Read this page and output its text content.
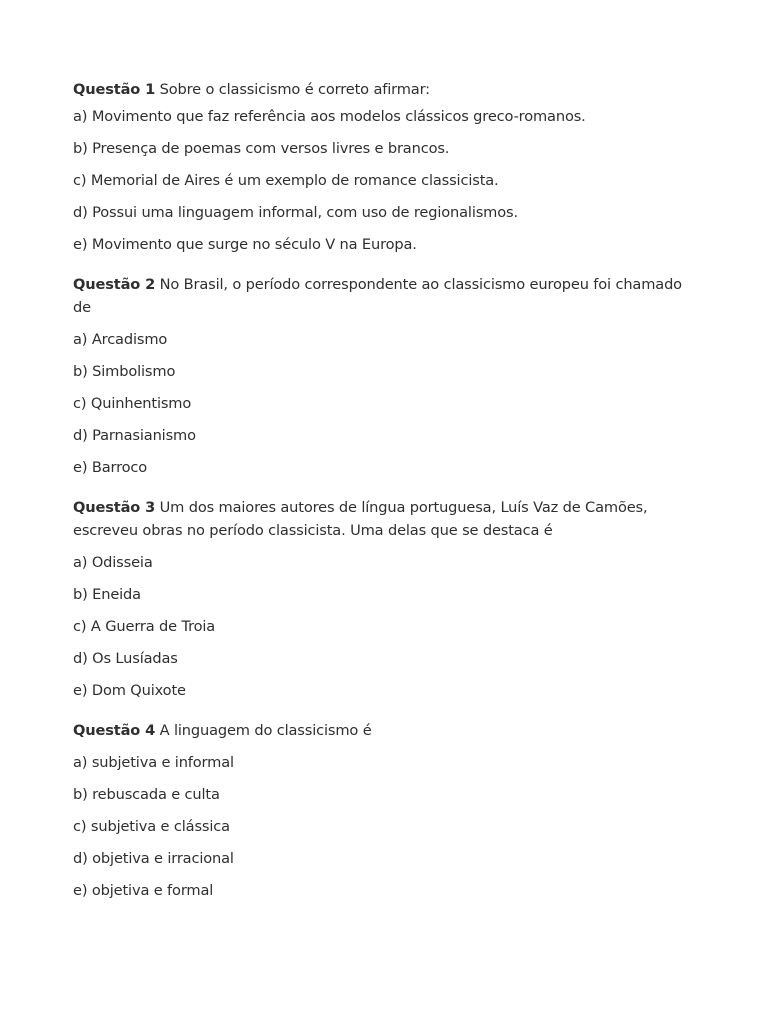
Questão 1 Sobre o classicismo é correto afirmar:

a) Movimento que faz referência aos modelos clássicos greco-romanos.

b) Presença de poemas com versos livres e brancos.

c) Memorial de Aires é um exemplo de romance classicista.

d) Possui uma linguagem informal, com uso de regionalismos.

e) Movimento que surge no século V na Europa.

Questão 2 No Brasil, o período correspondente ao classicismo europeu foi chamado de

a) Arcadismo

b) Simbolismo

c) Quinhentismo

d) Parnasianismo

e) Barroco

Questão 3 Um dos maiores autores de língua portuguesa, Luís Vaz de Camões, escreveu obras no período classicista. Uma delas que se destaca é

a) Odisseia

b) Eneida

c) A Guerra de Troia

d) Os Lusíadas

e) Dom Quixote

Questão 4 A linguagem do classicismo é

a) subjetiva e informal

b) rebuscada e culta

c) subjetiva e clássica

d) objetiva e irracional

e) objetiva e formal
